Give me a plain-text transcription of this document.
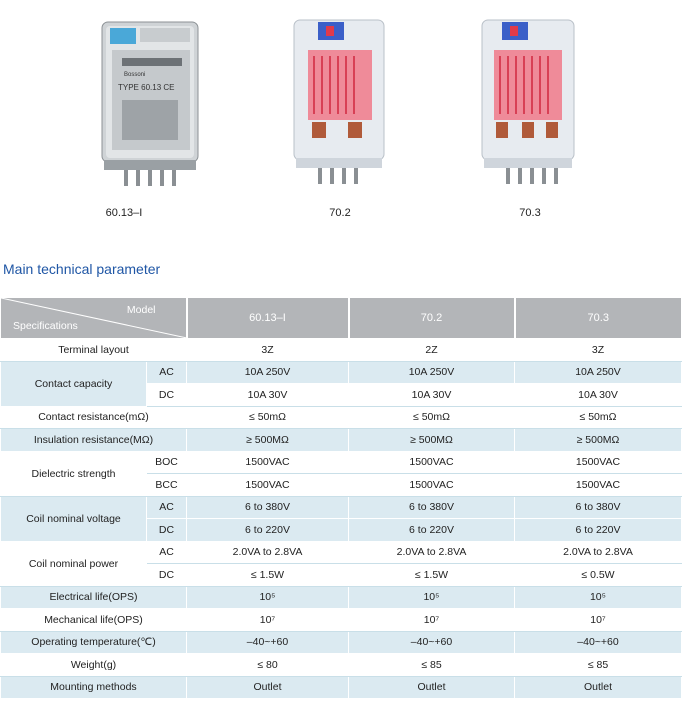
Bossoni
TYPE 60.13 CE
60.13–I	70.2	70.3
Main technical parameter
Model
Specifications		60.13–I	70.2	70.3
Terminal layout		3Z	2Z	3Z
Contact capacity	AC	10A 250V	10A 250V	10A 250V
	DC	10A 30V	10A 30V	10A 30V
Contact resistance(mΩ)		≤ 50mΩ	≤ 50mΩ	≤ 50mΩ
Insulation resistance(MΩ)		≥ 500MΩ	≥ 500MΩ	≥ 500MΩ
Dielectric strength	BOC	1500VAC	1500VAC	1500VAC
	BCC	1500VAC	1500VAC	1500VAC
Coil nominal voltage	AC	6 to 380V	6 to 380V	6 to 380V
	DC	6 to 220V	6 to 220V	6 to 220V
Coil nominal power	AC	2.0VA to 2.8VA	2.0VA to 2.8VA	2.0VA to 2.8VA
	DC	≤ 1.5W	≤ 1.5W	≤ 0.5W
Electrical life(OPS)		10⁵	10⁵	10⁵
Mechanical life(OPS)		10⁷	10⁷	10⁷
Operating temperature(℃)		–40~+60	–40~+60	–40~+60
Weight(g)		≤ 80	≤ 85	≤ 85
Mounting methods		Outlet	Outlet	Outlet
